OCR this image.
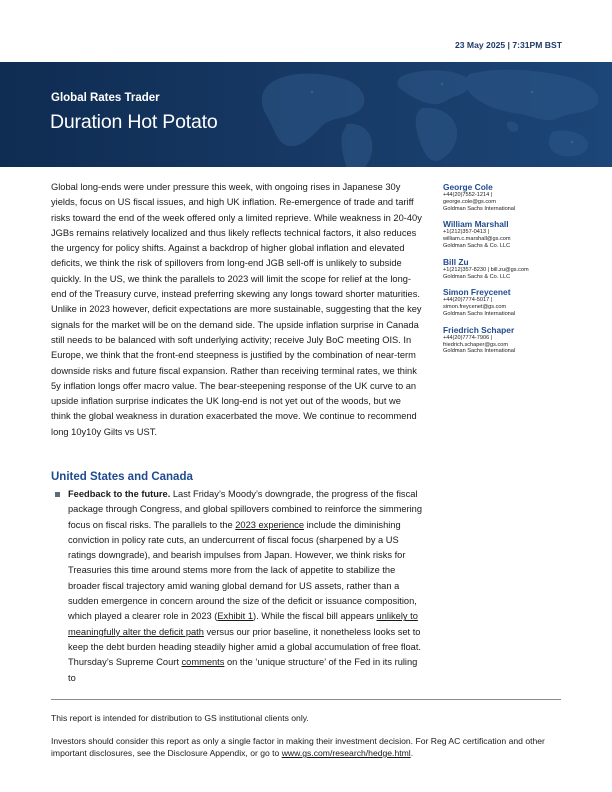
23 May 2025 | 7:31PM BST
Global Rates Trader
Duration Hot Potato
Global long-ends were under pressure this week, with ongoing rises in Japanese 30y yields, focus on US fiscal issues, and high UK inflation. Re-emergence of trade and tariff risks toward the end of the week offered only a limited reprieve. While weakness in 20-40y JGBs remains relatively localized and thus likely reflects technical factors, it also reduces the urgency for policy shifts. Against a backdrop of higher global inflation and elevated deficits, we think the risk of spillovers from long-end JGB sell-off is unlikely to subside quickly. In the US, we think the parallels to 2023 will limit the scope for relief at the long-end of the Treasury curve, instead preferring skewing any longs toward shorter maturities. Unlike in 2023 however, deficit expectations are more sustainable, suggesting that the key signals for the market will be on the demand side. The upside inflation surprise in Canada still needs to be balanced with soft underlying activity; receive July BoC meeting OIS. In Europe, we think that the front-end steepness is justified by the combination of near-term downside risks and future fiscal expansion. Rather than receiving terminal rates, we think 5y inflation longs offer macro value. The bear-steepening response of the UK curve to an upside inflation surprise indicates the UK long-end is not yet out of the woods, but we think the global weakness in duration exacerbated the move. We continue to recommend long 10y10y Gilts vs UST.
George Cole
+44(20)7552-1214 |
george.cole@gs.com
Goldman Sachs International
William Marshall
+1(212)357-0413 |
william.c.marshall@gs.com
Goldman Sachs & Co. LLC
Bill Zu
+1(212)357-8230 | bill.zu@gs.com
Goldman Sachs & Co. LLC
Simon Freycenet
+44(20)7774-5017 |
simon.freycenet@gs.com
Goldman Sachs International
Friedrich Schaper
+44(20)7774-7906 |
friedrich.schaper@gs.com
Goldman Sachs International
United States and Canada
Feedback to the future. Last Friday’s Moody’s downgrade, the progress of the fiscal package through Congress, and global spillovers combined to reinforce the simmering focus on fiscal risks. The parallels to the 2023 experience include the diminishing conviction in policy rate cuts, an undercurrent of fiscal focus (sharpened by a US ratings downgrade), and bearish impulses from Japan. However, we think risks for Treasuries this time around stems more from the lack of appetite to stabilize the broader fiscal trajectory amid waning global demand for US assets, rather than a sudden emergence in concern around the size of the deficit or issuance composition, which played a clearer role in 2023 (Exhibit 1). While the fiscal bill appears unlikely to meaningfully alter the deficit path versus our prior baseline, it nonetheless looks set to keep the debt burden heading steadily higher amid a global accumulation of free float. Thursday’s Supreme Court comments on the ‘unique structure’ of the Fed in its ruling to
This report is intended for distribution to GS institutional clients only.
Investors should consider this report as only a single factor in making their investment decision. For Reg AC certification and other important disclosures, see the Disclosure Appendix, or go to www.gs.com/research/hedge.html.
